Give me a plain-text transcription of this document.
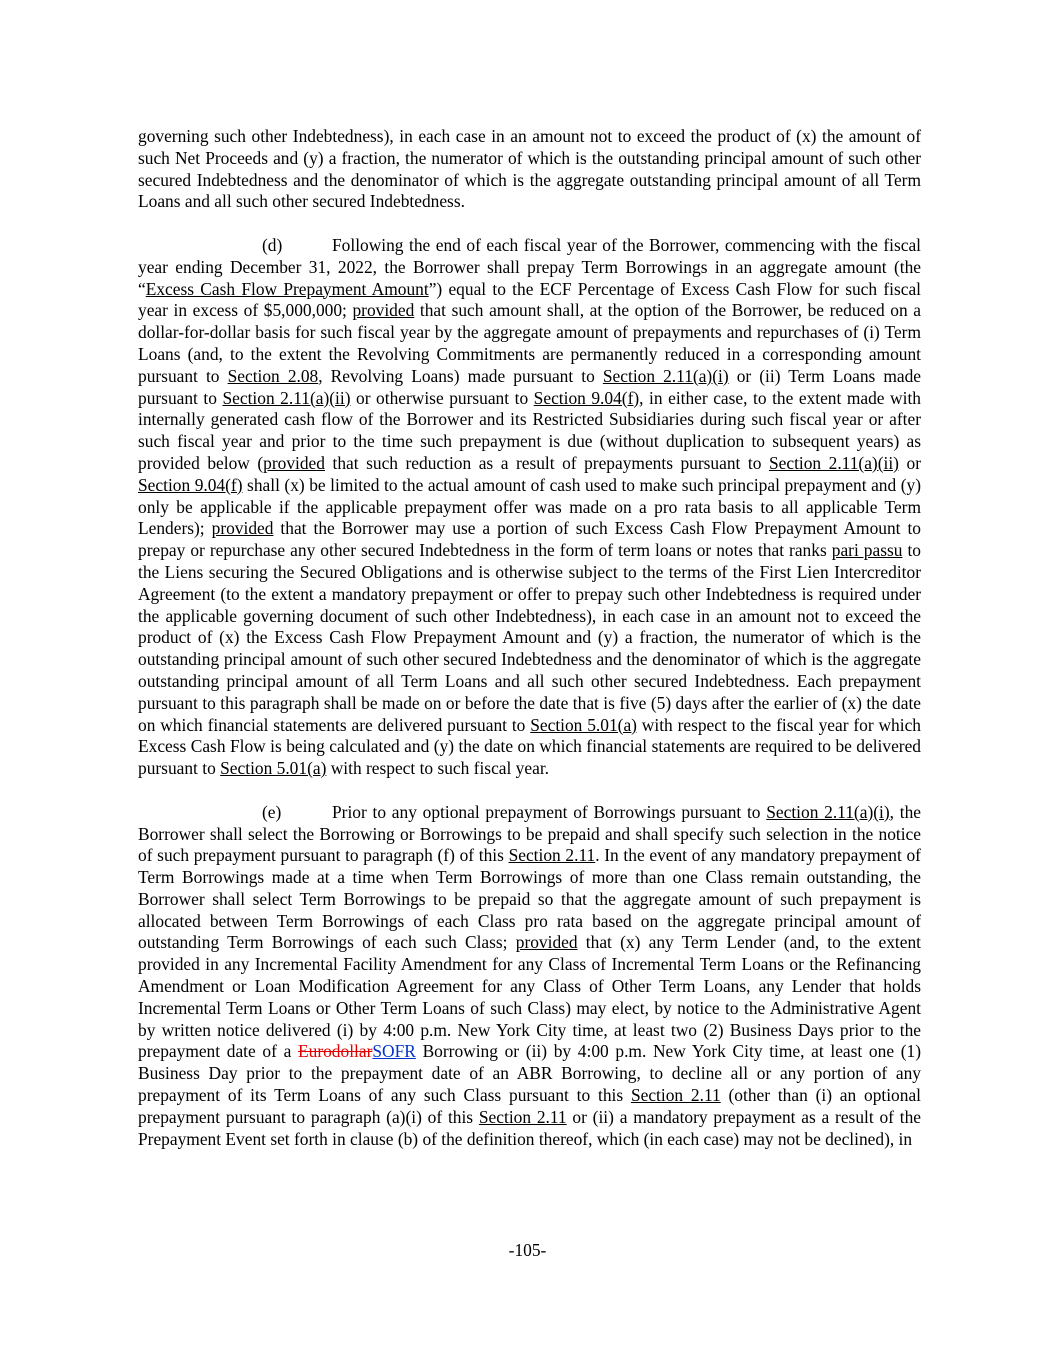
governing such other Indebtedness), in each case in an amount not to exceed the product of (x) the amount of such Net Proceeds and (y) a fraction, the numerator of which is the outstanding principal amount of such other secured Indebtedness and the denominator of which is the aggregate outstanding principal amount of all Term Loans and all such other secured Indebtedness.

(d)	Following the end of each fiscal year of the Borrower, commencing with the fiscal year ending December 31, 2022, the Borrower shall prepay Term Borrowings in an aggregate amount (the “Excess Cash Flow Prepayment Amount”) equal to the ECF Percentage of Excess Cash Flow for such fiscal year in excess of $5,000,000; provided that such amount shall, at the option of the Borrower, be reduced on a dollar-for-dollar basis for such fiscal year by the aggregate amount of prepayments and repurchases of (i) Term Loans (and, to the extent the Revolving Commitments are permanently reduced in a corresponding amount pursuant to Section 2.08, Revolving Loans) made pursuant to Section 2.11(a)(i) or (ii) Term Loans made pursuant to Section 2.11(a)(ii) or otherwise pursuant to Section 9.04(f), in either case, to the extent made with internally generated cash flow of the Borrower and its Restricted Subsidiaries during such fiscal year or after such fiscal year and prior to the time such prepayment is due (without duplication to subsequent years) as provided below (provided that such reduction as a result of prepayments pursuant to Section 2.11(a)(ii) or Section 9.04(f) shall (x) be limited to the actual amount of cash used to make such principal prepayment and (y) only be applicable if the applicable prepayment offer was made on a pro rata basis to all applicable Term Lenders); provided that the Borrower may use a portion of such Excess Cash Flow Prepayment Amount to prepay or repurchase any other secured Indebtedness in the form of term loans or notes that ranks pari passu to the Liens securing the Secured Obligations and is otherwise subject to the terms of the First Lien Intercreditor Agreement (to the extent a mandatory prepayment or offer to prepay such other Indebtedness is required under the applicable governing document of such other Indebtedness), in each case in an amount not to exceed the product of (x) the Excess Cash Flow Prepayment Amount and (y) a fraction, the numerator of which is the outstanding principal amount of such other secured Indebtedness and the denominator of which is the aggregate outstanding principal amount of all Term Loans and all such other secured Indebtedness. Each prepayment pursuant to this paragraph shall be made on or before the date that is five (5) days after the earlier of (x) the date on which financial statements are delivered pursuant to Section 5.01(a) with respect to the fiscal year for which Excess Cash Flow is being calculated and (y) the date on which financial statements are required to be delivered pursuant to Section 5.01(a) with respect to such fiscal year.

(e)	Prior to any optional prepayment of Borrowings pursuant to Section 2.11(a)(i), the Borrower shall select the Borrowing or Borrowings to be prepaid and shall specify such selection in the notice of such prepayment pursuant to paragraph (f) of this Section 2.11. In the event of any mandatory prepayment of Term Borrowings made at a time when Term Borrowings of more than one Class remain outstanding, the Borrower shall select Term Borrowings to be prepaid so that the aggregate amount of such prepayment is allocated between Term Borrowings of each Class pro rata based on the aggregate principal amount of outstanding Term Borrowings of each such Class; provided that (x) any Term Lender (and, to the extent provided in any Incremental Facility Amendment for any Class of Incremental Term Loans or the Refinancing Amendment or Loan Modification Agreement for any Class of Other Term Loans, any Lender that holds Incremental Term Loans or Other Term Loans of such Class) may elect, by notice to the Administrative Agent by written notice delivered (i) by 4:00 p.m. New York City time, at least two (2) Business Days prior to the prepayment date of a EurodollarSOFR Borrowing or (ii) by 4:00 p.m. New York City time, at least one (1) Business Day prior to the prepayment date of an ABR Borrowing, to decline all or any portion of any prepayment of its Term Loans of any such Class pursuant to this Section 2.11 (other than (i) an optional prepayment pursuant to paragraph (a)(i) of this Section 2.11 or (ii) a mandatory prepayment as a result of the Prepayment Event set forth in clause (b) of the definition thereof, which (in each case) may not be declined), in

-105-
